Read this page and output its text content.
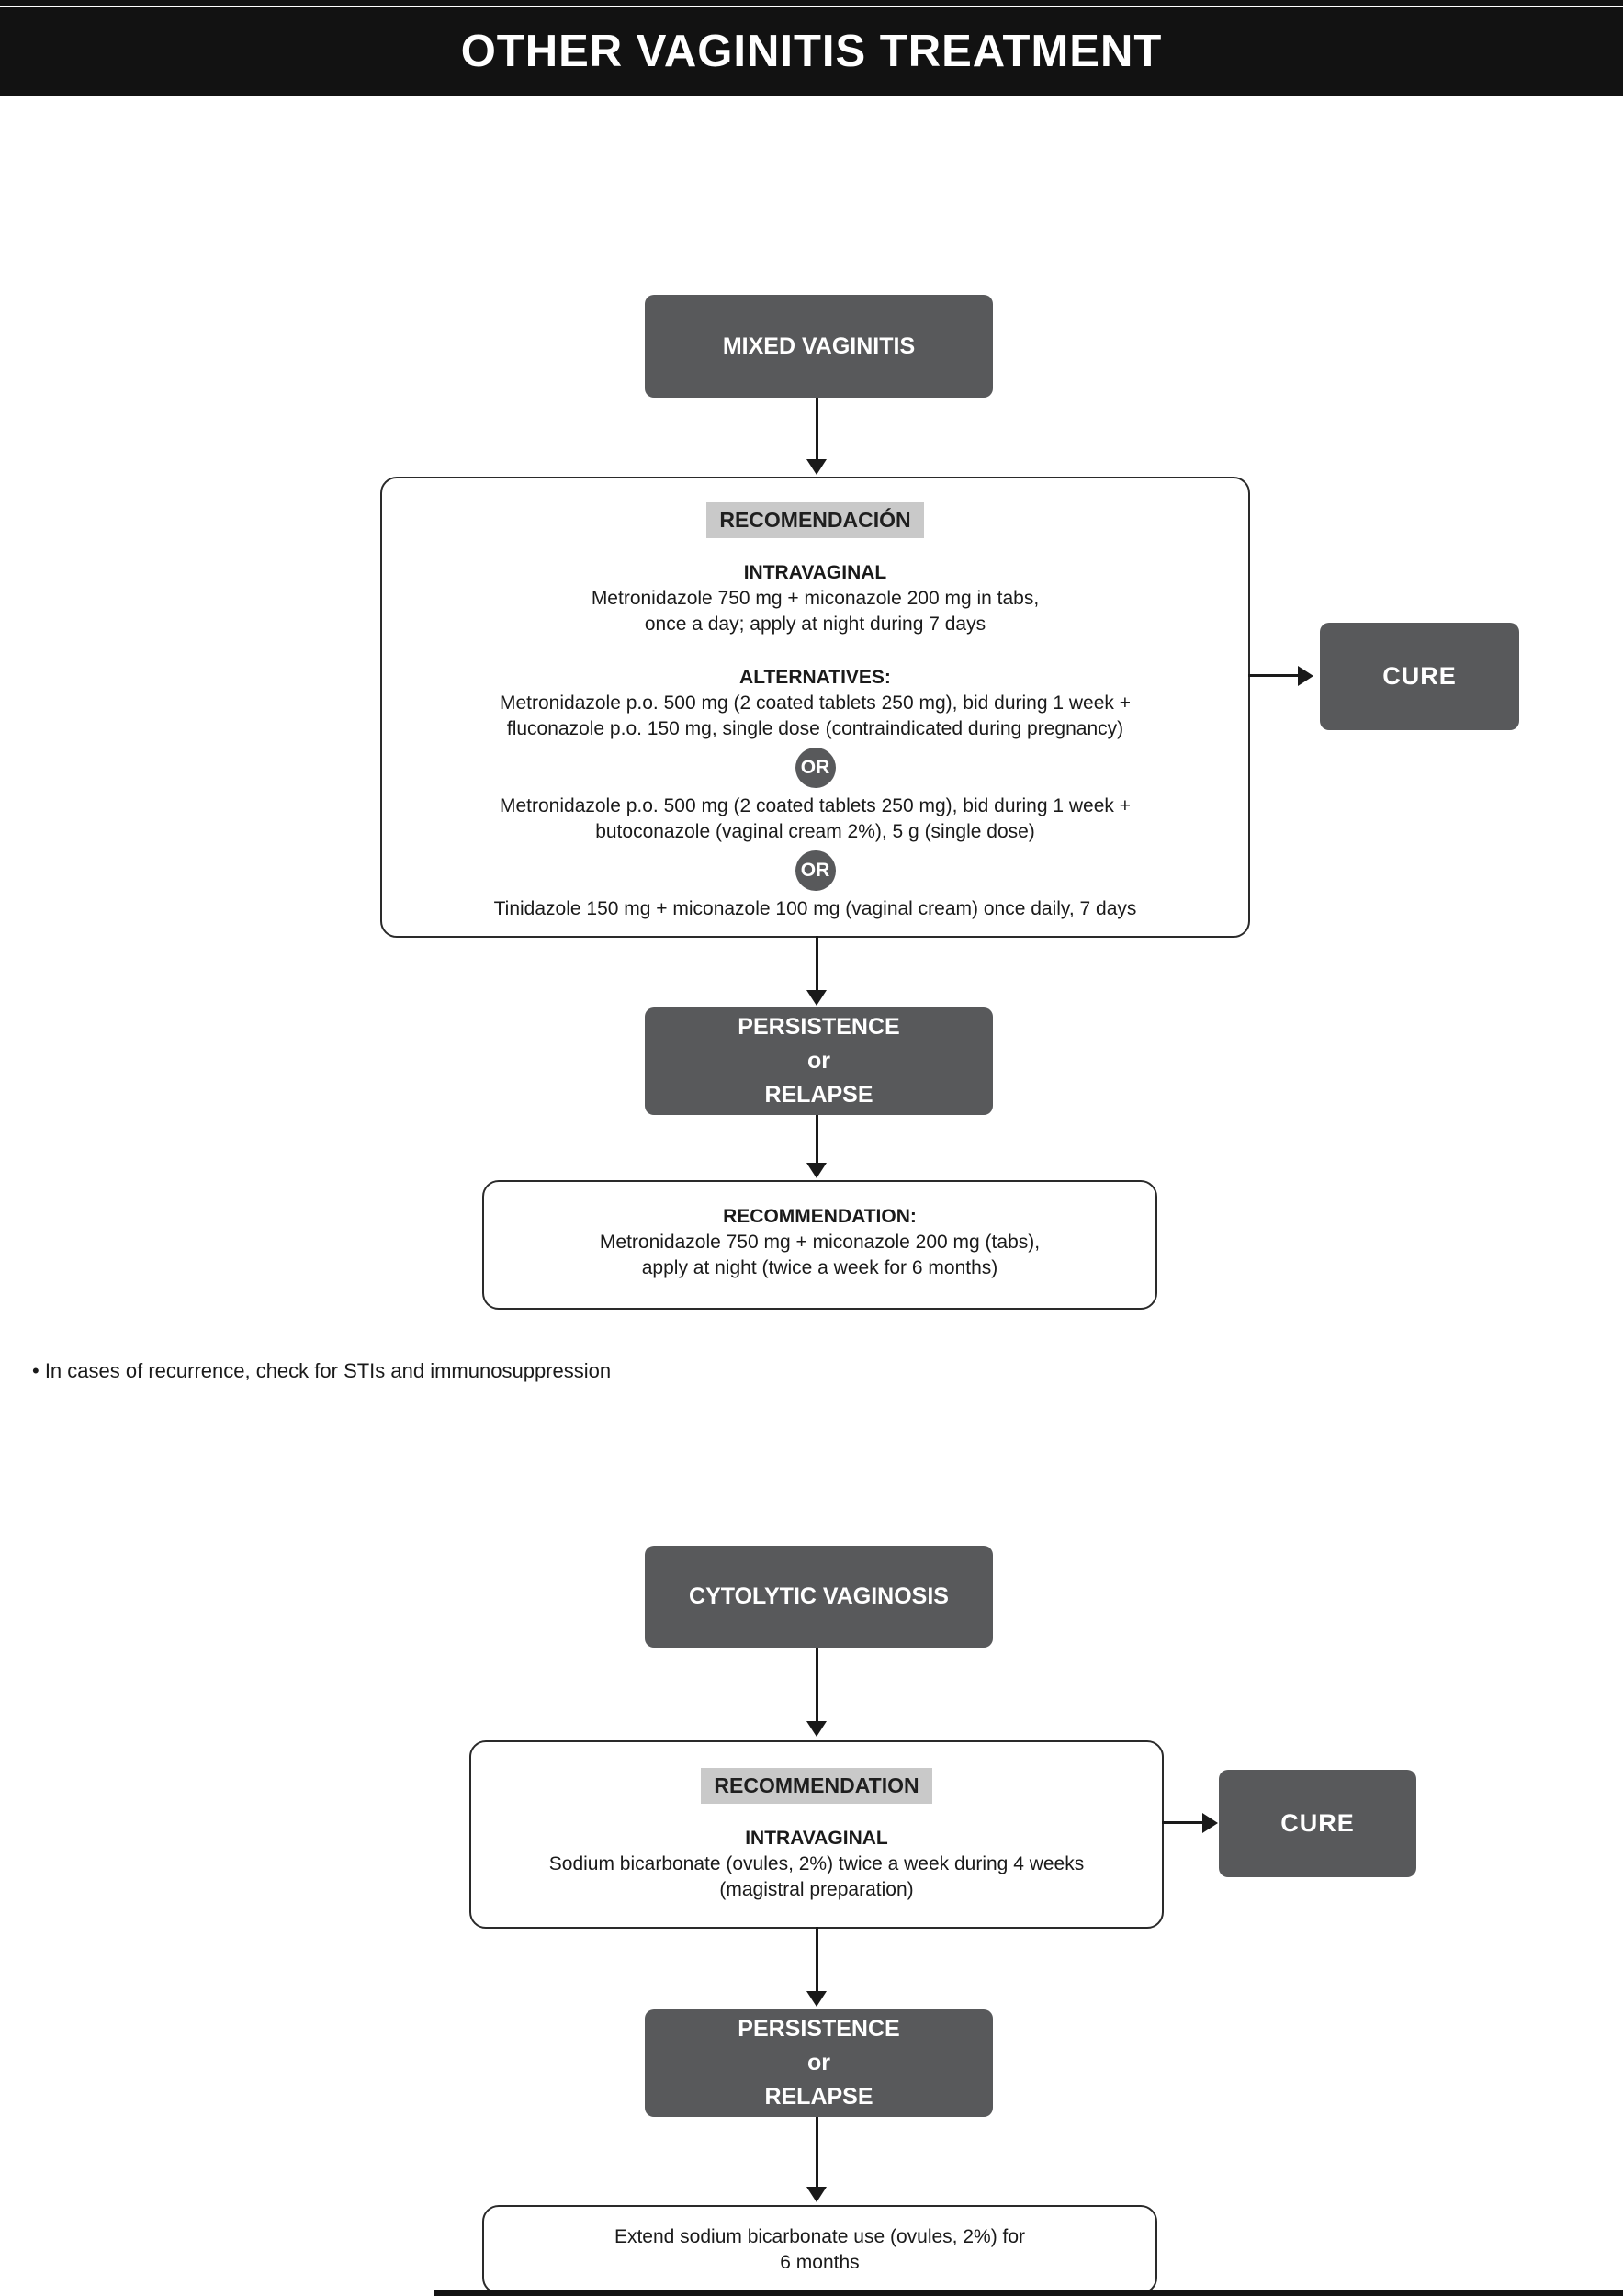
OTHER VAGINITIS TREATMENT
MIXED VAGINITIS
RECOMENDACIÓN
INTRAVAGINAL
Metronidazole 750 mg + miconazole 200 mg in tabs,
once a day; apply at night during 7 days
ALTERNATIVES:
Metronidazole p.o. 500 mg (2 coated tablets 250 mg), bid during 1 week +
fluconazole p.o. 150 mg, single dose (contraindicated during pregnancy)
OR
Metronidazole p.o. 500 mg (2 coated tablets 250 mg), bid during 1 week +
butoconazole (vaginal cream 2%), 5 g (single dose)
OR
Tinidazole 150 mg + miconazole 100 mg (vaginal cream) once daily, 7 days
CURE
PERSISTENCE
or
RELAPSE
RECOMMENDATION:
Metronidazole 750 mg + miconazole 200 mg (tabs),
apply at night (twice a week for 6 months)
• In cases of recurrence, check for STIs and immunosuppression
CYTOLYTIC VAGINOSIS
RECOMMENDATION
INTRAVAGINAL
Sodium bicarbonate (ovules, 2%) twice a week during 4 weeks
(magistral preparation)
CURE
PERSISTENCE
or
RELAPSE
Extend sodium bicarbonate use (ovules, 2%) for
6 months
